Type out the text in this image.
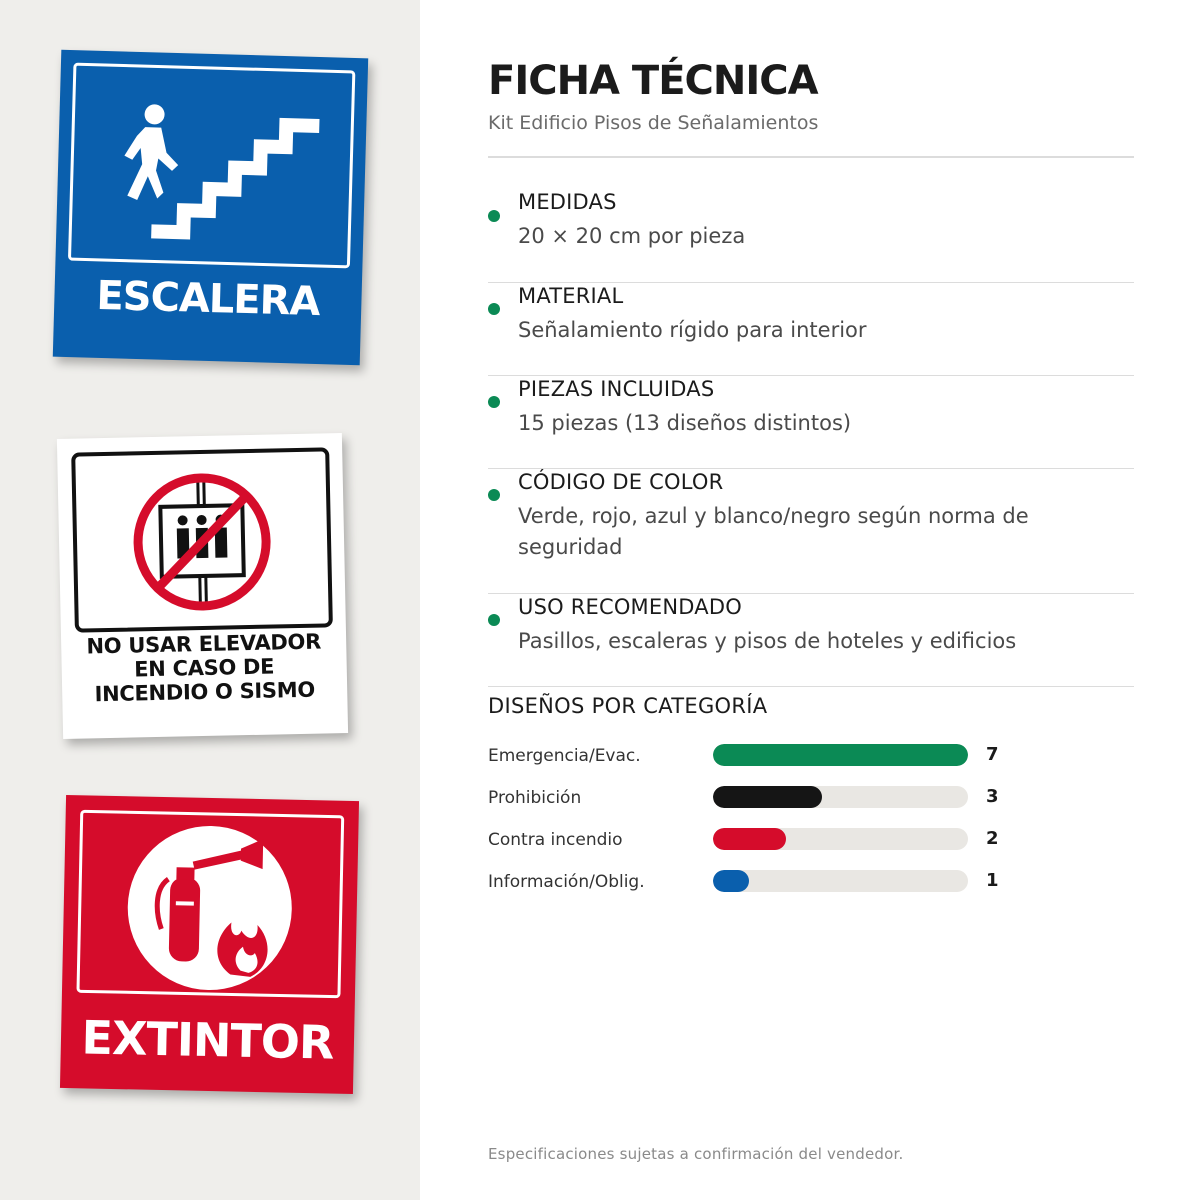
ESCALERA
NO USAR ELEVADOR
EN CASO DE
INCENDIO O SISMO
EXTINTOR
FICHA TÉCNICA
Kit Edificio Pisos de Señalamientos
MEDIDAS
20 × 20 cm por pieza
MATERIAL
Señalamiento rígido para interior
PIEZAS INCLUIDAS
15 piezas (13 diseños distintos)
CÓDIGO DE COLOR
Verde, rojo, azul y blanco/negro según norma de seguridad
USO RECOMENDADO
Pasillos, escaleras y pisos de hoteles y edificios
DISEÑOS POR CATEGORÍA
Emergencia/Evac.	7
Prohibición	3
Contra incendio	2
Información/Oblig.	1
Especificaciones sujetas a confirmación del vendedor.
